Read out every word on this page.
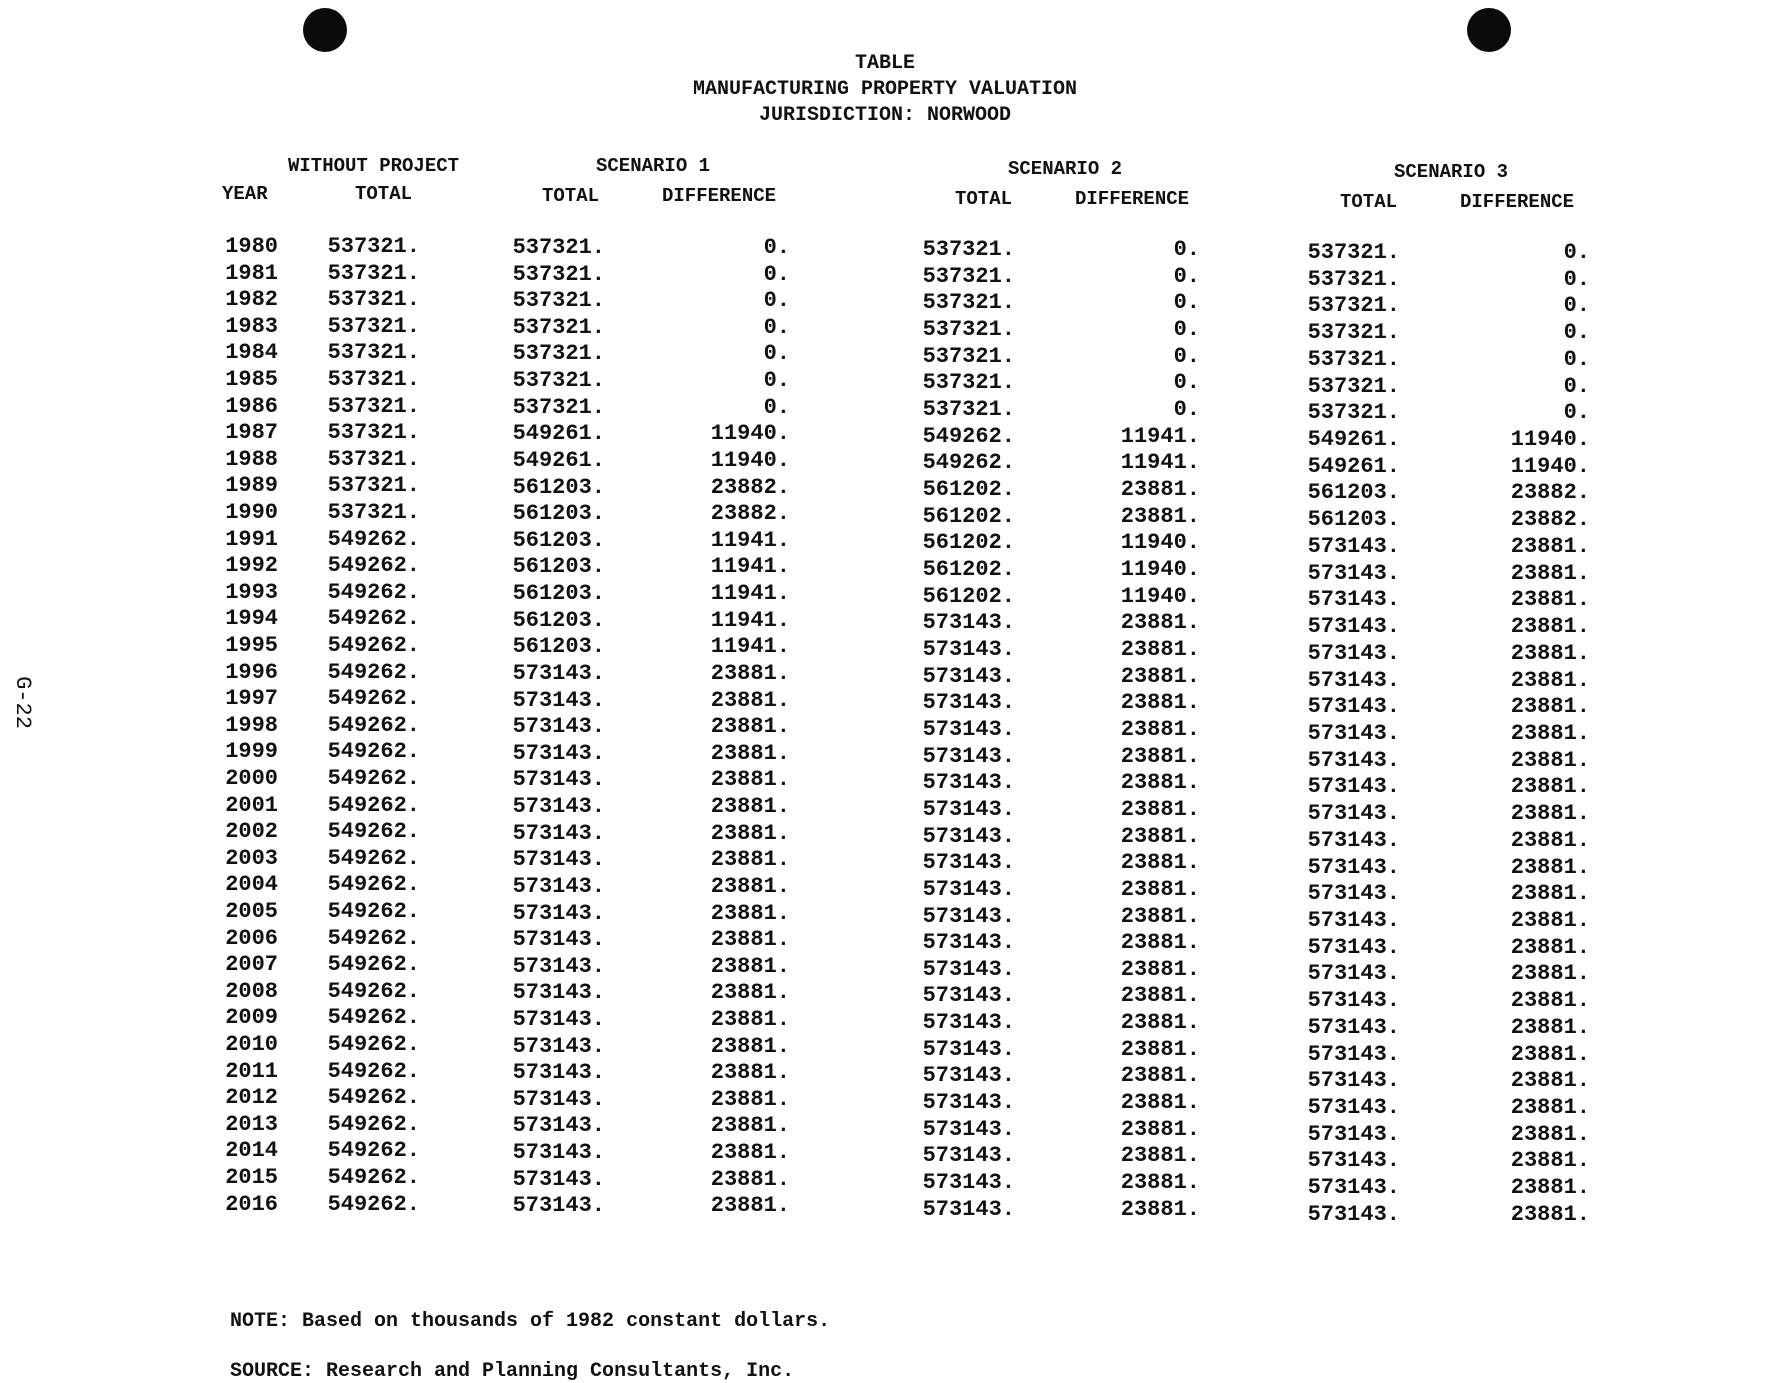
G-22
TABLE
MANUFACTURING PROPERTY VALUATION
JURISDICTION: NORWOOD
WITHOUT PROJECT	SCENARIO 1	SCENARIO 2	SCENARIO 3
YEAR	TOTAL	TOTAL	DIFFERENCE	TOTAL	DIFFERENCE	TOTAL	DIFFERENCE
1980	537321.	537321.	0.	537321.	0.	537321.	0.
1981	537321.	537321.	0.	537321.	0.	537321.	0.
1982	537321.	537321.	0.	537321.	0.	537321.	0.
1983	537321.	537321.	0.	537321.	0.	537321.	0.
1984	537321.	537321.	0.	537321.	0.	537321.	0.
1985	537321.	537321.	0.	537321.	0.	537321.	0.
1986	537321.	537321.	0.	537321.	0.	537321.	0.
1987	537321.	549261.	11940.	549262.	11941.	549261.	11940.
1988	537321.	549261.	11940.	549262.	11941.	549261.	11940.
1989	537321.	561203.	23882.	561202.	23881.	561203.	23882.
1990	537321.	561203.	23882.	561202.	23881.	561203.	23882.
1991	549262.	561203.	11941.	561202.	11940.	573143.	23881.
1992	549262.	561203.	11941.	561202.	11940.	573143.	23881.
1993	549262.	561203.	11941.	561202.	11940.	573143.	23881.
1994	549262.	561203.	11941.	573143.	23881.	573143.	23881.
1995	549262.	561203.	11941.	573143.	23881.	573143.	23881.
1996	549262.	573143.	23881.	573143.	23881.	573143.	23881.
1997	549262.	573143.	23881.	573143.	23881.	573143.	23881.
1998	549262.	573143.	23881.	573143.	23881.	573143.	23881.
1999	549262.	573143.	23881.	573143.	23881.	573143.	23881.
2000	549262.	573143.	23881.	573143.	23881.	573143.	23881.
2001	549262.	573143.	23881.	573143.	23881.	573143.	23881.
2002	549262.	573143.	23881.	573143.	23881.	573143.	23881.
2003	549262.	573143.	23881.	573143.	23881.	573143.	23881.
2004	549262.	573143.	23881.	573143.	23881.	573143.	23881.
2005	549262.	573143.	23881.	573143.	23881.	573143.	23881.
2006	549262.	573143.	23881.	573143.	23881.	573143.	23881.
2007	549262.	573143.	23881.	573143.	23881.	573143.	23881.
2008	549262.	573143.	23881.	573143.	23881.	573143.	23881.
2009	549262.	573143.	23881.	573143.	23881.	573143.	23881.
2010	549262.	573143.	23881.	573143.	23881.	573143.	23881.
2011	549262.	573143.	23881.	573143.	23881.	573143.	23881.
2012	549262.	573143.	23881.	573143.	23881.	573143.	23881.
2013	549262.	573143.	23881.	573143.	23881.	573143.	23881.
2014	549262.	573143.	23881.	573143.	23881.	573143.	23881.
2015	549262.	573143.	23881.	573143.	23881.	573143.	23881.
2016	549262.	573143.	23881.	573143.	23881.	573143.	23881.
NOTE: Based on thousands of 1982 constant dollars.
SOURCE: Research and Planning Consultants, Inc.
